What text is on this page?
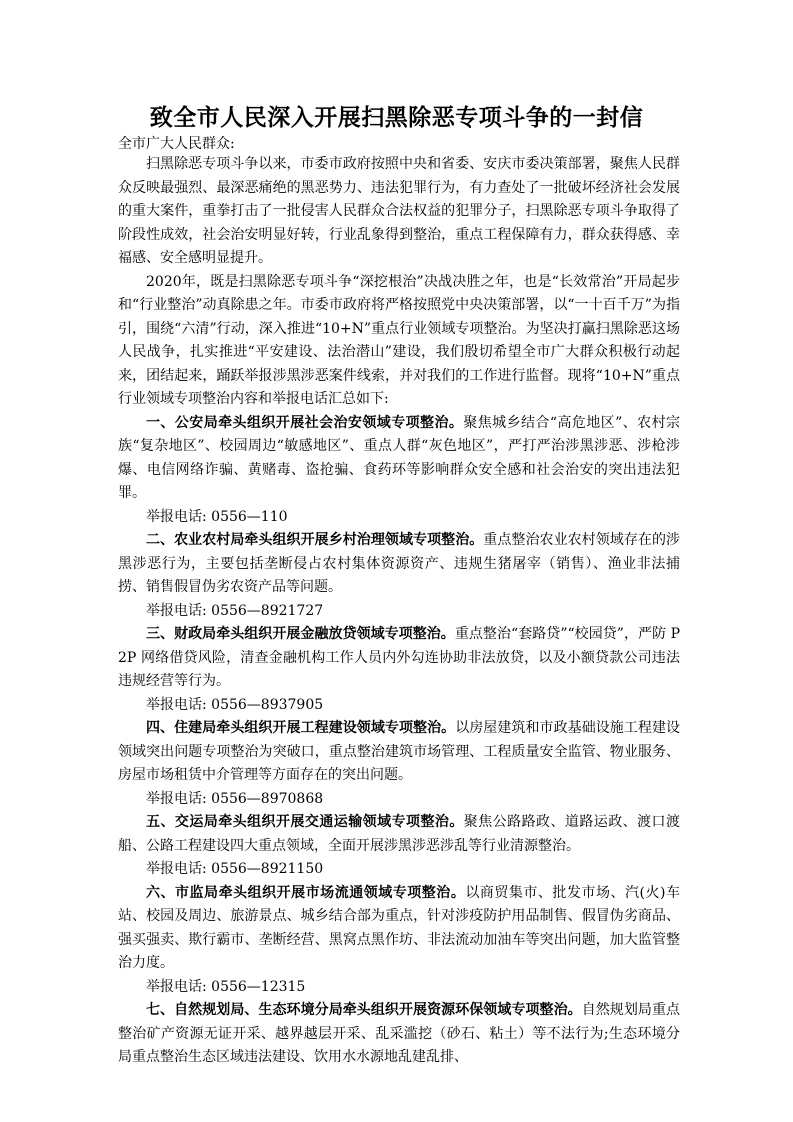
致全市人民深入开展扫黑除恶专项斗争的一封信

全市广大人民群众:

扫黑除恶专项斗争以来，市委市政府按照中央和省委、安庆市委决策部署，聚焦人民群众反映最强烈、最深恶痛绝的黑恶势力、违法犯罪行为，有力查处了一批破坏经济社会发展的重大案件，重拳打击了一批侵害人民群众合法权益的犯罪分子，扫黑除恶专项斗争取得了阶段性成效，社会治安明显好转，行业乱象得到整治，重点工程保障有力，群众获得感、幸福感、安全感明显提升。

2020年，既是扫黑除恶专项斗争“深挖根治”决战决胜之年，也是“长效常治”开局起步和“行业整治”动真除患之年。市委市政府将严格按照党中央决策部署，以“一十百千万”为指引，围绕“六清”行动，深入推进“10+N”重点行业领域专项整治。为坚决打赢扫黑除恶这场人民战争，扎实推进“平安建设、法治潜山”建设，我们殷切希望全市广大群众积极行动起来，团结起来，踊跃举报涉黑涉恶案件线索，并对我们的工作进行监督。现将“10+N”重点行业领域专项整治内容和举报电话汇总如下:

一、公安局牵头组织开展社会治安领域专项整治。聚焦城乡结合“高危地区”、农村宗族“复杂地区”、校园周边“敏感地区”、重点人群“灰色地区”，严打严治涉黑涉恶、涉枪涉爆、电信网络诈骗、黄赌毒、盗抢骗、食药环等影响群众安全感和社会治安的突出违法犯罪。

举报电话: 0556—110

二、农业农村局牵头组织开展乡村治理领域专项整治。重点整治农业农村领域存在的涉黑涉恶行为，主要包括垄断侵占农村集体资源资产、违规生猪屠宰（销售）、渔业非法捕捞、销售假冒伪劣农资产品等问题。

举报电话: 0556—8921727

三、财政局牵头组织开展金融放贷领域专项整治。重点整治“套路贷”“校园贷”，严防 P2P 网络借贷风险，清查金融机构工作人员内外勾连协助非法放贷，以及小额贷款公司违法违规经营等行为。

举报电话: 0556—8937905

四、住建局牵头组织开展工程建设领域专项整治。以房屋建筑和市政基础设施工程建设领域突出问题专项整治为突破口，重点整治建筑市场管理、工程质量安全监管、物业服务、房屋市场租赁中介管理等方面存在的突出问题。

举报电话: 0556—8970868

五、交运局牵头组织开展交通运输领域专项整治。聚焦公路路政、道路运政、渡口渡船、公路工程建设四大重点领域，全面开展涉黑涉恶涉乱等行业清源整治。

举报电话: 0556—8921150

六、市监局牵头组织开展市场流通领域专项整治。以商贸集市、批发市场、汽(火)车站、校园及周边、旅游景点、城乡结合部为重点，针对涉疫防护用品制售、假冒伪劣商品、强买强卖、欺行霸市、垄断经营、黑窝点黑作坊、非法流动加油车等突出问题，加大监管整治力度。

举报电话: 0556—12315

七、自然规划局、生态环境分局牵头组织开展资源环保领域专项整治。自然规划局重点整治矿产资源无证开采、越界越层开采、乱采滥挖（砂石、粘土）等不法行为;生态环境分局重点整治生态区域违法建设、饮用水水源地乱建乱排、
